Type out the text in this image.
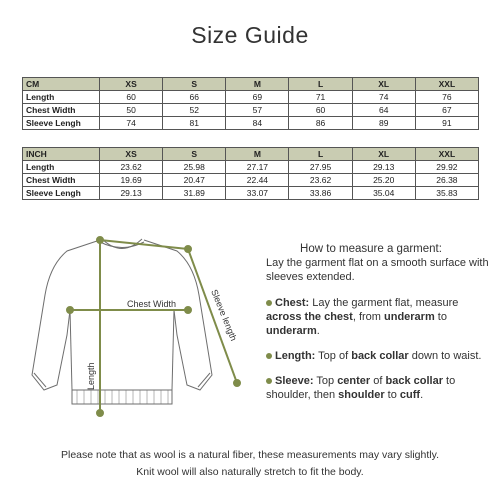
Size Guide
CM	XS	S	M	L	XL	XXL
Length	60	66	69	71	74	76
Chest Width	50	52	57	60	64	67
Sleeve Lengh	74	81	84	86	89	91
INCH	XS	S	M	L	XL	XXL
Length	23.62	25.98	27.17	27.95	29.13	29.92
Chest Width	19.69	20.47	22.44	23.62	25.20	26.38
Sleeve Lengh	29.13	31.89	33.07	33.86	35.04	35.83
Chest Width
Length
Sleeve length
How to measure a garment:
Lay the garment flat on a smooth surface with sleeves extended.
Chest: Lay the garment flat, measure across the chest, from underarm to underarm.
Length: Top of back collar down to waist.
Sleeve: Top center of back collar to shoulder, then shoulder to cuff.
Please note that as wool is a natural fiber, these measurements may vary slightly.
Knit wool will also naturally stretch to fit the body.
